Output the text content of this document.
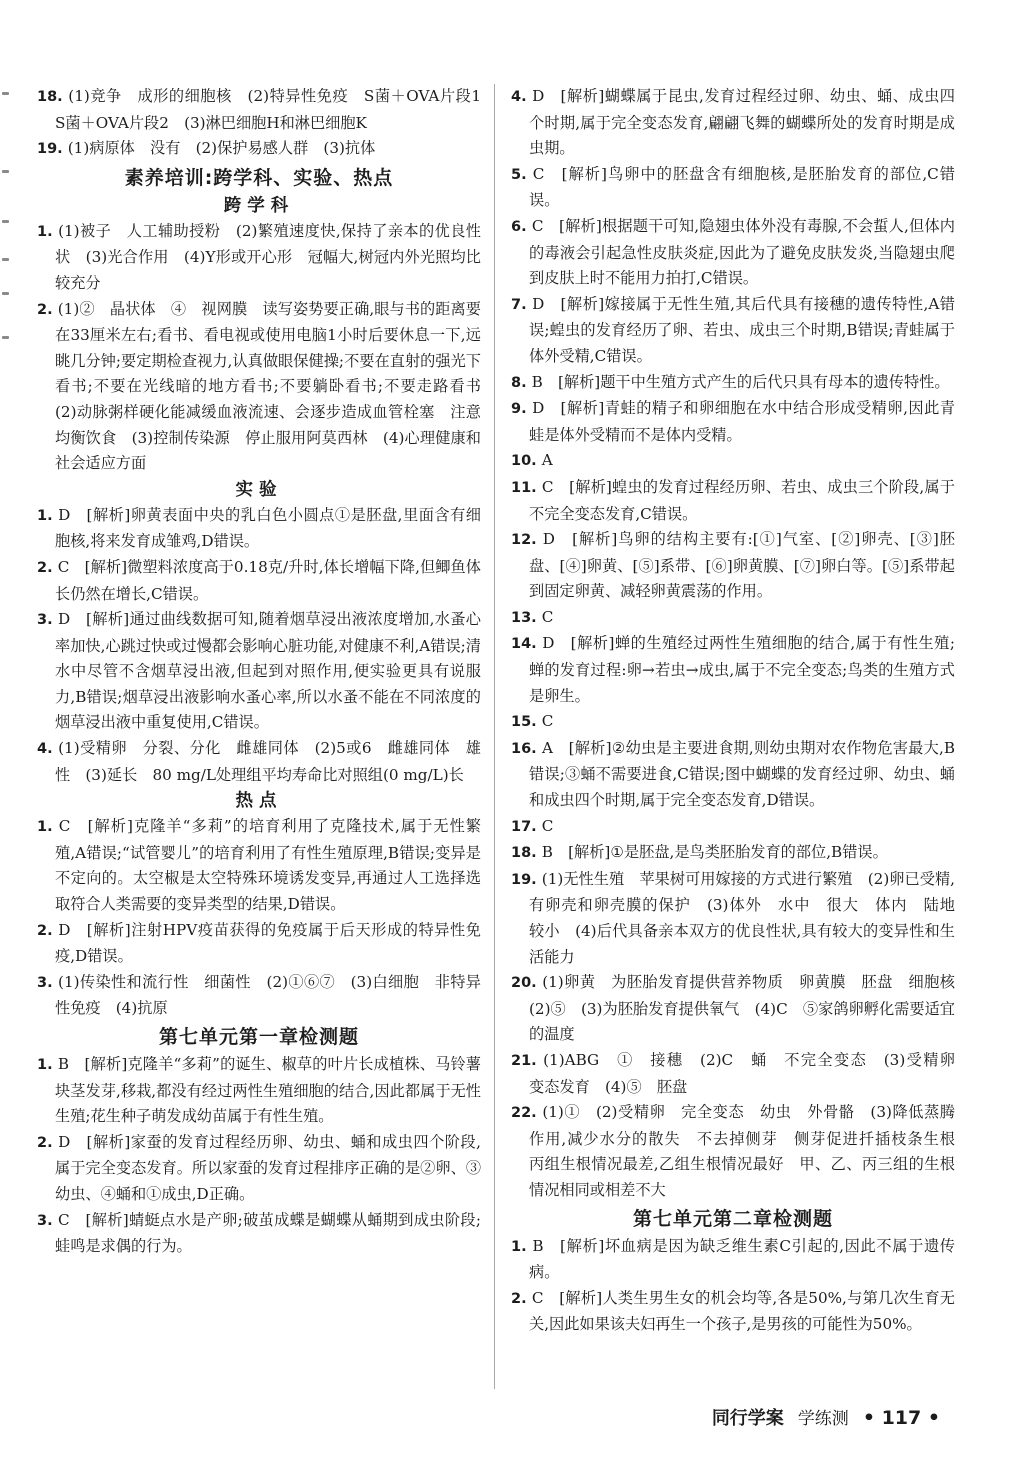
18. (1)竞争　成形的细胞核　(2)特异性免疫　S菌＋OVA片段1　S菌＋OVA片段2　(3)淋巴细胞H和淋巴细胞K
19. (1)病原体　没有　(2)保护易感人群　(3)抗体
素养培训:跨学科、实验、热点
跨学科
1. (1)被子　人工辅助授粉　(2)繁殖速度快,保持了亲本的优良性状　(3)光合作用　(4)Y形或开心形　冠幅大,树冠内外光照均比较充分
2. (1)②　晶状体　④　视网膜　读写姿势要正确,眼与书的距离要在33厘米左右;看书、看电视或使用电脑1小时后要休息一下,远眺几分钟;要定期检查视力,认真做眼保健操;不要在直射的强光下看书;不要在光线暗的地方看书;不要躺卧看书;不要走路看书　(2)动脉粥样硬化能减缓血液流速、会逐步造成血管栓塞　注意均衡饮食　(3)控制传染源　停止服用阿莫西林　(4)心理健康和社会适应方面
实验
1. D　[解析]卵黄表面中央的乳白色小圆点①是胚盘,里面含有细胞核,将来发育成雏鸡,D错误。
2. C　[解析]微塑料浓度高于0.18克/升时,体长增幅下降,但鲫鱼体长仍然在增长,C错误。
3. D　[解析]通过曲线数据可知,随着烟草浸出液浓度增加,水蚤心率加快,心跳过快或过慢都会影响心脏功能,对健康不利,A错误;清水中尽管不含烟草浸出液,但起到对照作用,便实验更具有说服力,B错误;烟草浸出液影响水蚤心率,所以水蚤不能在不同浓度的烟草浸出液中重复使用,C错误。
4. (1)受精卵　分裂、分化　雌雄同体　(2)5或6　雌雄同体　雄性　(3)延长　80 mg/L处理组平均寿命比对照组(0 mg/L)长
热点
1. C　[解析]克隆羊“多莉”的培育利用了克隆技术,属于无性繁殖,A错误;“试管婴儿”的培育利用了有性生殖原理,B错误;变异是不定向的。太空椒是太空特殊环境诱发变异,再通过人工选择选取符合人类需要的变异类型的结果,D错误。
2. D　[解析]注射HPV疫苗获得的免疫属于后天形成的特异性免疫,D错误。
3. (1)传染性和流行性　细菌性　(2)①⑥⑦　(3)白细胞　非特异性免疫　(4)抗原
第七单元第一章检测题
1. B　[解析]克隆羊“多莉”的诞生、椒草的叶片长成植株、马铃薯块茎发芽,移栽,都没有经过两性生殖细胞的结合,因此都属于无性生殖;花生种子萌发成幼苗属于有性生殖。
2. D　[解析]家蚕的发育过程经历卵、幼虫、蛹和成虫四个阶段,属于完全变态发育。所以家蚕的发育过程排序正确的是②卵、③幼虫、④蛹和①成虫,D正确。
3. C　[解析]蜻蜓点水是产卵;破茧成蝶是蝴蝶从蛹期到成虫阶段;蛙鸣是求偶的行为。
4. D　[解析]蝴蝶属于昆虫,发育过程经过卵、幼虫、蛹、成虫四个时期,属于完全变态发育,翩翩飞舞的蝴蝶所处的发育时期是成虫期。
5. C　[解析]鸟卵中的胚盘含有细胞核,是胚胎发育的部位,C错误。
6. C　[解析]根据题干可知,隐翅虫体外没有毒腺,不会蜇人,但体内的毒液会引起急性皮肤炎症,因此为了避免皮肤发炎,当隐翅虫爬到皮肤上时不能用力拍打,C错误。
7. D　[解析]嫁接属于无性生殖,其后代具有接穗的遗传特性,A错误;蝗虫的发育经历了卵、若虫、成虫三个时期,B错误;青蛙属于体外受精,C错误。
8. B　[解析]题干中生殖方式产生的后代只具有母本的遗传特性。
9. D　[解析]青蛙的精子和卵细胞在水中结合形成受精卵,因此青蛙是体外受精而不是体内受精。
10. A
11. C　[解析]蝗虫的发育过程经历卵、若虫、成虫三个阶段,属于不完全变态发育,C错误。
12. D　[解析]鸟卵的结构主要有:[①]气室、[②]卵壳、[③]胚盘、[④]卵黄、[⑤]系带、[⑥]卵黄膜、[⑦]卵白等。[⑤]系带起到固定卵黄、减轻卵黄震荡的作用。
13. C
14. D　[解析]蝉的生殖经过两性生殖细胞的结合,属于有性生殖;蝉的发育过程:卵→若虫→成虫,属于不完全变态;鸟类的生殖方式是卵生。
15. C
16. A　[解析]②幼虫是主要进食期,则幼虫期对农作物危害最大,B错误;③蛹不需要进食,C错误;图中蝴蝶的发育经过卵、幼虫、蛹和成虫四个时期,属于完全变态发育,D错误。
17. C
18. B　[解析]①是胚盘,是鸟类胚胎发育的部位,B错误。
19. (1)无性生殖　苹果树可用嫁接的方式进行繁殖　(2)卵已受精,有卵壳和卵壳膜的保护　(3)体外　水中　很大　体内　陆地　较小　(4)后代具备亲本双方的优良性状,具有较大的变异性和生活能力
20. (1)卵黄　为胚胎发育提供营养物质　卵黄膜　胚盘　细胞核　(2)⑤　(3)为胚胎发育提供氧气　(4)C　⑤家鸽卵孵化需要适宜的温度
21. (1)ABG　①　接穗　(2)C　蛹　不完全变态　(3)受精卵　变态发育　(4)⑤　胚盘
22. (1)①　(2)受精卵　完全变态　幼虫　外骨骼　(3)降低蒸腾作用,减少水分的散失　不去掉侧芽　侧芽促进扦插枝条生根　丙组生根情况最差,乙组生根情况最好　甲、乙、丙三组的生根情况相同或相差不大
第七单元第二章检测题
1. B　[解析]坏血病是因为缺乏维生素C引起的,因此不属于遗传病。
2. C　[解析]人类生男生女的机会均等,各是50%,与第几次生育无关,因此如果该夫妇再生一个孩子,是男孩的可能性为50%。
同行学案 学练测 • 117 •
